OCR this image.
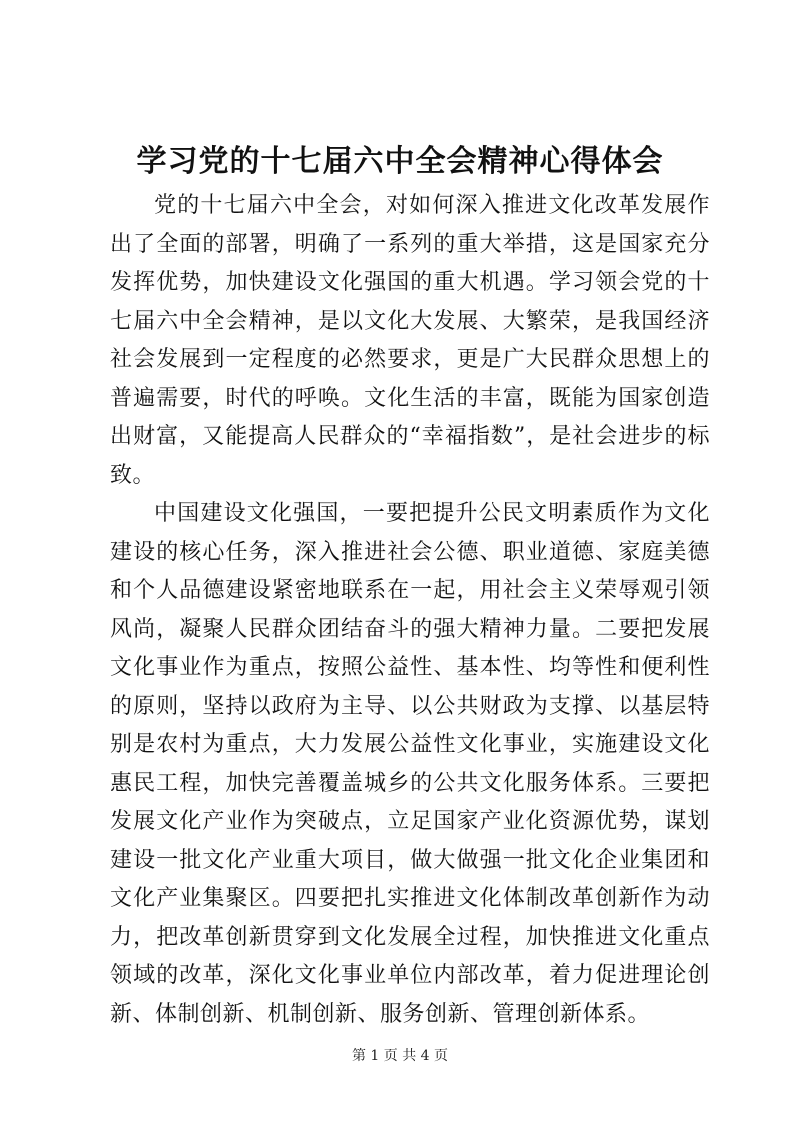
学习党的十七届六中全会精神心得体会

党的十七届六中全会，对如何深入推进文化改革发展作出了全面的部署，明确了一系列的重大举措，这是国家充分发挥优势，加快建设文化强国的重大机遇。学习领会党的十七届六中全会精神，是以文化大发展、大繁荣，是我国经济社会发展到一定程度的必然要求，更是广大民群众思想上的普遍需要，时代的呼唤。文化生活的丰富，既能为国家创造出财富，又能提高人民群众的“幸福指数”，是社会进步的标致。

中国建设文化强国，一要把提升公民文明素质作为文化建设的核心任务，深入推进社会公德、职业道德、家庭美德和个人品德建设紧密地联系在一起，用社会主义荣辱观引领风尚，凝聚人民群众团结奋斗的强大精神力量。二要把发展文化事业作为重点，按照公益性、基本性、均等性和便利性的原则，坚持以政府为主导、以公共财政为支撑、以基层特别是农村为重点，大力发展公益性文化事业，实施建设文化惠民工程，加快完善覆盖城乡的公共文化服务体系。三要把发展文化产业作为突破点，立足国家产业化资源优势，谋划建设一批文化产业重大项目，做大做强一批文化企业集团和文化产业集聚区。四要把扎实推进文化体制改革创新作为动力，把改革创新贯穿到文化发展全过程，加快推进文化重点领域的改革，深化文化事业单位内部改革，着力促进理论创新、体制创新、机制创新、服务创新、管理创新体系。

第 1 页 共 4 页
